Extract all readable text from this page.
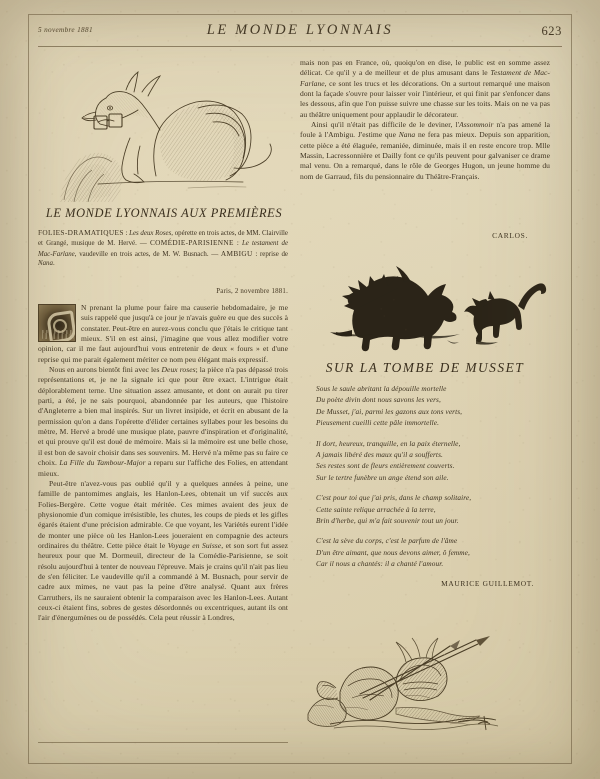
5 novembre 1881	LE MONDE LYONNAIS	623
LE MONDE LYONNAIS AUX PREMIÈRES
FOLIES-DRAMATIQUES : Les deux Roses, opérette en trois actes, de MM. Clairville et Grangé, musique de M. Hervé. — COMÉDIE-PARISIENNE : Le testament de Mac-Farlane, vaudeville en trois actes, de M. W. Busnach. — AMBIGU : reprise de Nana.
Paris, 2 novembre 1881.

N prenant la plume pour faire ma causerie hebdomadaire, je me suis rappelé que jusqu'à ce jour je n'avais guère eu que des succès à constater. Peut-être en aurez-vous conclu que j'étais le critique tant mieux. S'il en est ainsi, j'imagine que vous allez modifier votre opinion, car il me faut aujourd'hui vous entretenir de deux « fours » et d'une reprise qui me parait également mériter ce nom peu élégant mais expressif.

Nous en aurons bientôt fini avec les Deux roses; la pièce n'a pas dépassé trois représentations et, je ne la signale ici que pour être exact. L'intrigue était déplorablement terne. Une situation assez amusante, et dont on aurait pu tirer parti, a été, je ne sais pourquoi, abandonnée par les auteurs, que l'histoire d'Angleterre a bien mal inspirés. Sur un livret insipide, et écrit en abusant de la permission qu'on a dans l'opérette d'élider certaines syllabes pour les besoins du mètre, M. Hervé a brodé une musique plate, pauvre d'inspiration et d'originalité, et qui prouve qu'il est doué de mémoire. Mais si la mémoire est une belle chose, il est bon de savoir choisir dans ses souvenirs. M. Hervé n'a même pas su faire ce choix. La Fille du Tambour-Major a reparu sur l'affiche des Folies, en attendant mieux.

Peut-être n'avez-vous pas oublié qu'il y a quelques années à peine, une famille de pantomimes anglais, les Hanlon-Lees, obtenait un vif succès aux Folies-Bergère. Cette vogue était méritée. Ces mimes avaient des jeux de physionomie d'un comique irrésistible, les chutes, les coups de pieds et les gifles égarés étaient d'une précision admirable. Ce que voyant, les Variétés eurent l'idée de monter une pièce où les Hanlon-Lees joueraient en compagnie des acteurs ordinaires du théâtre. Cette pièce était le Voyage en Suisse, et son sort fut assez heureux pour que M. Dormeuil, directeur de la Comédie-Parisienne, se soit résolu aujourd'hui à tenter de nouveau l'épreuve. Mais je crains qu'il n'ait pas lieu de s'en féliciter. Le vaudeville qu'il a commandé à M. Busnach, pour servir de cadre aux mimes, ne vaut pas la peine d'être analysé. Quant aux frères Carruthers, ils ne sauraient obtenir la comparaison avec les Hanlon-Lees. Autant ceux-ci étaient fins, sobres de gestes désordonnés ou excentriques, autant ils ont l'air d'énergumènes ou de possédés. Cela peut réussir à Londres,

mais non pas en France, où, quoiqu'on en dise, le public est en somme assez délicat. Ce qu'il y a de meilleur et de plus amusant dans le Testament de Mac-Farlane, ce sont les trucs et les décorations. On a surtout remarqué une maison dont la façade s'ouvre pour laisser voir l'intérieur, et qui finit par s'enfoncer dans les dessous, afin que l'on puisse suivre une chasse sur les toits. Mais on ne va pas au théâtre uniquement pour applaudir le décorateur.

Ainsi qu'il n'était pas difficile de le deviner, l'Assommoir n'a pas amené la foule à l'Ambigu. J'estime que Nana ne fera pas mieux. Depuis son apparition, cette pièce a été élaguée, remaniée, diminuée, mais il en reste encore trop. Mlle Massin, Lacressonnière et Dailly font ce qu'ils peuvent pour galvaniser ce drame mal venu. On a remarqué, dans le rôle de Georges Hugon, un jeune homme du nom de Garraud, fils du pensionnaire du Théâtre-Français.

CARLOS.
SUR LA TOMBE DE MUSSET
Sous le saule abritant la dépouille mortelle
Du poète divin dont nous savons les vers,
De Musset, j'ai, parmi les gazons aux tons verts,
Pieusement cueilli cette pâle immortelle.
Il dort, heureux, tranquille, en la paix éternelle,
A jamais libéré des maux qu'il a soufferts.
Ses restes sont de fleurs entièrement couverts.
Sur le tertre funèbre un ange étend son aile.
C'est pour toi que j'ai pris, dans le champ solitaire,
Cette sainte relique arrachée à la terre,
Brin d'herbe, qui m'a fait souvenir tout un jour.
C'est la sève du corps, c'est le parfum de l'âme
D'un être aimant, que nous devons aimer, ô femme,
Car il nous a chantés: il a chanté l'amour.
MAURICE GUILLEMOT.
